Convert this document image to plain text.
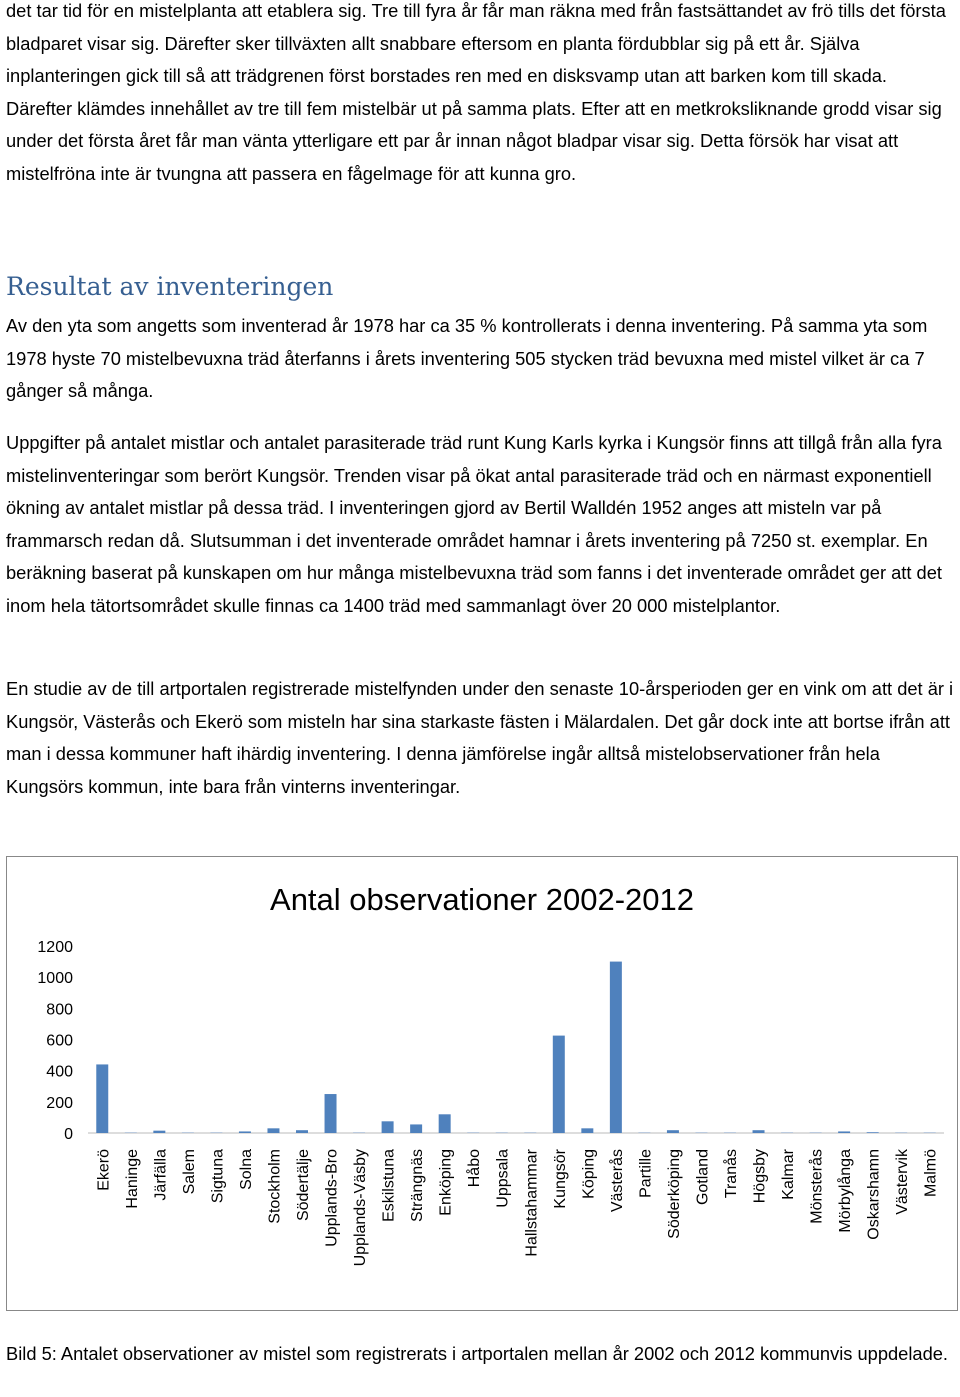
det tar tid för en mistelplanta att etablera sig. Tre till fyra år får man räkna med från fastsättandet av frö tills det första bladparet visar sig. Därefter sker tillväxten allt snabbare eftersom en planta fördubblar sig på ett år. Själva inplanteringen gick till så att trädgrenen först borstades ren med en disksvamp utan att barken kom till skada. Därefter klämdes innehållet av tre till fem mistelbär ut på samma plats. Efter att en metkroksliknande grodd visar sig under det första året får man vänta ytterligare ett par år innan något bladpar visar sig. Detta försök har visat att mistelfröna inte är tvungna att passera en fågelmage för att kunna gro.

Resultat av inventeringen

Av den yta som angetts som inventerad år 1978 har ca 35 % kontrollerats i denna inventering. På samma yta som 1978 hyste 70 mistelbevuxna träd återfanns i årets inventering 505 stycken träd bevuxna med mistel vilket är ca 7 gånger så många.

Uppgifter på antalet mistlar och antalet parasiterade träd runt Kung Karls kyrka i Kungsör finns att tillgå från alla fyra mistelinventeringar som berört Kungsör. Trenden visar på ökat antal parasiterade träd och en närmast exponentiell ökning av antalet mistlar på dessa träd. I inventeringen gjord av Bertil Walldén 1952 anges att misteln var på frammarsch redan då. Slutsumman i det inventerade området hamnar i årets inventering på 7250 st. exemplar. En beräkning baserat på kunskapen om hur många mistelbevuxna träd som fanns i det inventerade området ger att det inom hela tätortsområdet skulle finnas ca 1400 träd med sammanlagt över 20 000 mistelplantor.

En studie av de till artportalen registrerade mistelfynden under den senaste 10-årsperioden ger en vink om att det är i Kungsör, Västerås och Ekerö som misteln har sina starkaste fästen i Mälardalen. Det går dock inte att bortse ifrån att man i dessa kommuner haft ihärdig inventering. I denna jämförelse ingår alltså mistelobservationer från hela Kungsörs kommun, inte bara från vinterns inventeringar.

Antal observationer 2002-2012
0
200
400
600
800
1000
1200
Ekerö Haninge Järfälla Salem Sigtuna Solna Stockholm Södertälje Upplands-Bro Upplands-Väsby Eskilstuna Strängnäs Enköping Håbo Uppsala Hallstahammar Kungsör Köping Västerås Partille Söderköping Gotland Tranås Högsby Kalmar Mönsterås Mörbylånga Oskarshamn Västervik Malmö

Bild 5: Antalet observationer av mistel som registrerats i artportalen mellan år 2002 och 2012 kommunvis uppdelade.
